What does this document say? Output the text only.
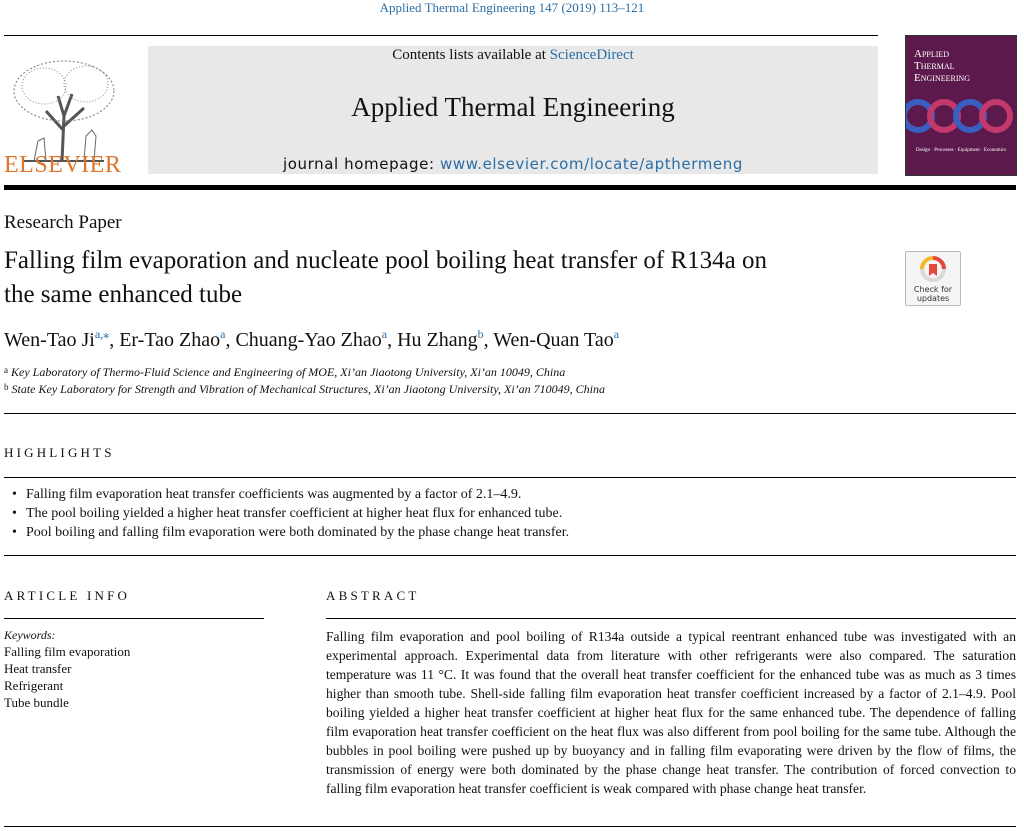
Applied Thermal Engineering 147 (2019) 113–121
ELSEVIER
Contents lists available at ScienceDirect
Applied Thermal Engineering
journal homepage: www.elsevier.com/locate/apthermeng
Applied
Thermal
Engineering
Design · Processes · Equipment · Economics
Research Paper
Falling film evaporation and nucleate pool boiling heat transfer of R134a on
the same enhanced tube	Check for
updates
Wen-Tao $Ji^{a,⁎}$, Er-Tao Zhao$^a$, Chuang-Yao Zhao$^a$, Hu Zhang$^b$, Wen-Quan Tao$^a$
$^a$ Key Laboratory of Thermo-Fluid Science and Engineering of MOE, Xi’an Jiaotong University, Xi’an 10049, China
$^b$ State Key Laboratory for Strength and Vibration of Mechanical Structures, Xi’an Jiaotong University, Xi’an 710049, China
HIGHLIGHTS
• Falling film evaporation heat transfer coefficients was augmented by a factor of 2.1–4.9.
• The pool boiling yielded a higher heat transfer coefficient at higher heat flux for enhanced tube.
• Pool boiling and falling film evaporation were both dominated by the phase change heat transfer.
ARTICLE INFO
Keywords:
Falling film evaporation
Heat transfer
Refrigerant
Tube bundle
ABSTRACT
Falling film evaporation and pool boiling of R134a outside a typical reentrant enhanced tube was investigated with an experimental approach. Experimental data from literature with other refrigerants were also compared. The saturation temperature was 11 °C. It was found that the overall heat transfer coefficient for the enhanced tube was as much as 3 times higher than smooth tube. Shell-side falling film evaporation heat transfer coefficient increased by a factor of 2.1–4.9. Pool boiling yielded a higher heat transfer coefficient at higher heat flux for the same enhanced tube. The dependence of falling film evaporation heat transfer coefficient on the heat flux was also different from pool boiling for the same tube. Although the bubbles in pool boiling were pushed up by buoyancy and in falling film evaporating were driven by the flow of films, the transmission of energy were both dominated by the phase change heat transfer. The contribution of forced convection to falling film evaporation heat transfer coefficient is weak compared with phase change heat transfer.
